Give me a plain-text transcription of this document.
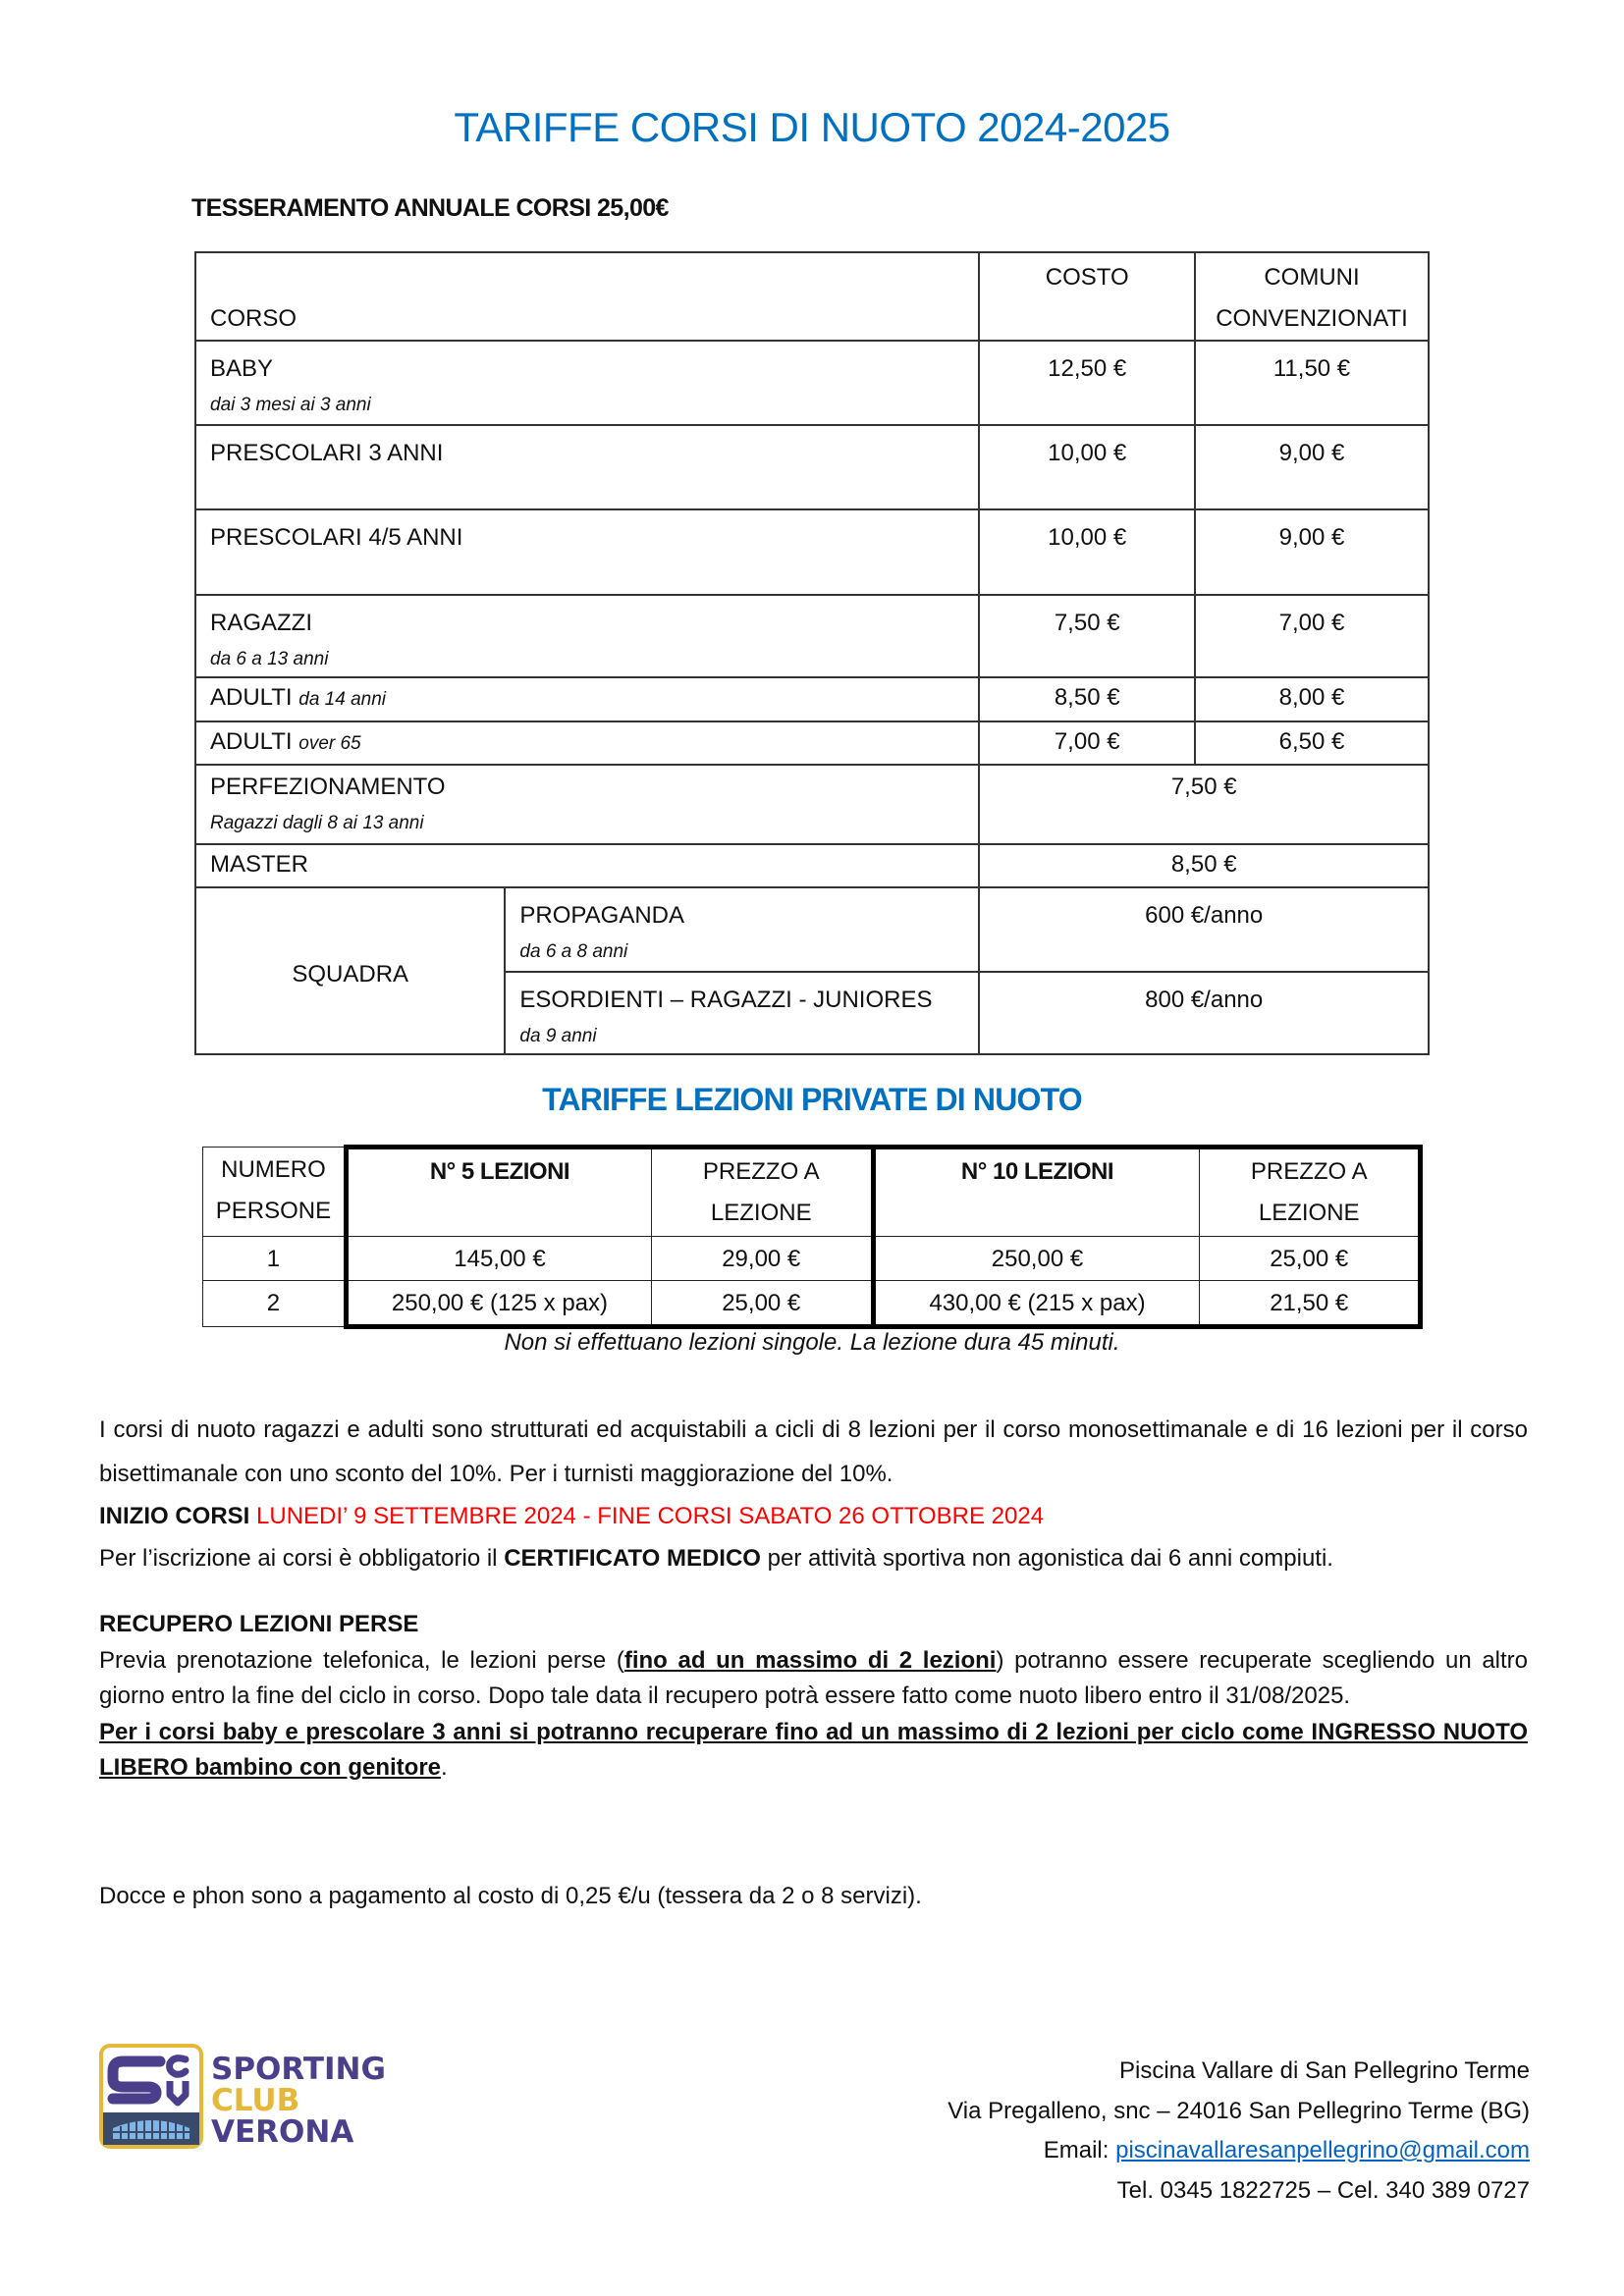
TARIFFE CORSI DI NUOTO 2024-2025
TESSERAMENTO ANNUALE CORSI 25,00€
CORSO		COSTO	COMUNI CONVENZIONATI
BABY
dai 3 mesi ai 3 anni		12,50 €	11,50 €
PRESCOLARI 3 ANNI		10,00 €	9,00 €
PRESCOLARI 4/5 ANNI		10,00 €	9,00 €
RAGAZZI
da 6 a 13 anni		7,50 €	7,00 €
ADULTI da 14 anni		8,50 €	8,00 €
ADULTI over 65		7,00 €	6,50 €
PERFEZIONAMENTO
Ragazzi dagli 8 ai 13 anni		7,50 €	
MASTER		8,50 €	
SQUADRA	PROPAGANDA
da 6 a 8 anni	600 €/anno	
	ESORDIENTI – RAGAZZI - JUNIORES
da 9 anni	800 €/anno	
TARIFFE LEZIONI PRIVATE DI NUOTO
NUMERO PERSONE	N° 5 LEZIONI	PREZZO A LEZIONE	N° 10 LEZIONI	PREZZO A LEZIONE
1	145,00 €	29,00 €	250,00 €	25,00 €
2	250,00 € (125 x pax)	25,00 €	430,00 € (215 x pax)	21,50 €
Non si effettuano lezioni singole. La lezione dura 45 minuti.
I corsi di nuoto ragazzi e adulti sono strutturati ed acquistabili a cicli di 8 lezioni per il corso monosettimanale e di 16 lezioni per il corso bisettimanale con uno sconto del 10%. Per i turnisti maggiorazione del 10%.
INIZIO CORSI LUNEDI’ 9 SETTEMBRE 2024 - FINE CORSI SABATO 26 OTTOBRE 2024
Per l’iscrizione ai corsi è obbligatorio il CERTIFICATO MEDICO per attività sportiva non agonistica dai 6 anni compiuti.
RECUPERO LEZIONI PERSE
Previa prenotazione telefonica, le lezioni perse (fino ad un massimo di 2 lezioni) potranno essere recuperate scegliendo un altro giorno entro la fine del ciclo in corso. Dopo tale data il recupero potrà essere fatto come nuoto libero entro il 31/08/2025.
Per i corsi baby e prescolare 3 anni si potranno recuperare fino ad un massimo di 2 lezioni per ciclo come INGRESSO NUOTO LIBERO bambino con genitore.
Docce e phon sono a pagamento al costo di 0,25 €/u (tessera da 2 o 8 servizi).
SPORTING
CLUB
VERONA
Piscina Vallare di San Pellegrino Terme
Via Pregalleno, snc – 24016 San Pellegrino Terme (BG)
Email: piscinavallaresanpellegrino@gmail.com
Tel. 0345 1822725 – Cel. 340 389 0727
